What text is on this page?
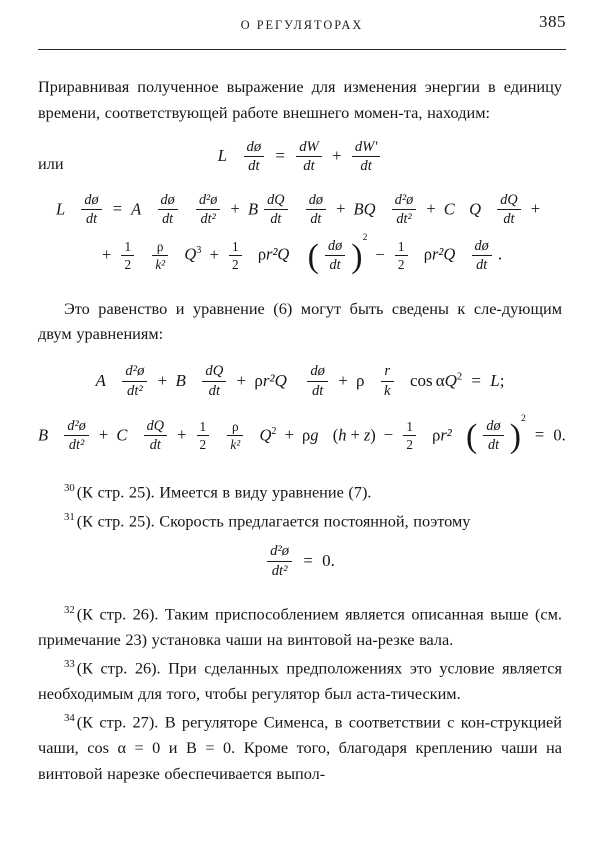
О РЕГУЛЯТОРАХ	385

Приравнивая полученное выражение для изменения энергии в единицу времени, соответствующей работе внешнего момен-та, находим:

или	L $\frac{dø}{dt} = \frac{dW}{dt} + \frac{dW'}{dt}$
L $\frac{dø}{dt} = A \frac{dø}{dt}$
$\frac{\text{d²ø}}{\text{dt²}} + B \frac{dQ}{dt}$
$\frac{dø}{dt}$ + BQ $\frac{\text{d²ø}}{\text{dt²}} + C$ Q $\frac{dQ}{dt}$ +
+ $\frac{1}{2}$
$\frac{\rho}{\text{k²}} Q^3 + \frac{1}{2} \rho r^2Q$ ( $\frac{dø}{dt} )^2 - \frac{1}{2} \rho r^2Q \frac{dø}{dt}$ .

Это равенство и уравнение (6) могут быть сведены к сле-дующим двум уравнениям:

A $\frac{\text{d²ø}}{\text{dt²}} + B \frac{dQ}{dt} + \rho r^2Q \frac{dø}{dt} + \rho \frac{r}{k}$ $\cos \alpha Q^2 = L$;
B $\frac{\text{d²ø}}{\text{dt²}} + C \frac{dQ}{dt} + \frac{1}{2}$
$\frac{\rho}{\text{k²}} Q^2 + \rho g$ $(h + z) - \frac{1}{2} \rho r^2$ ( $\frac{dø}{dt} )^2 = 0$.

$^{30}$ (К стр. 25). Имеется в виду уравнение (7).

$^{31}$ (К стр. 25). Скорость предлагается постоянной, поэтому

$\frac{\text{d²ø}}{\text{dt²}} = 0$.

$^{32}$ (К стр. 26). Таким приспособлением является описанная выше (см. примечание 23) установка чаши на винтовой на-резке вала.

$^{33}$ (К стр. 26). При сделанных предположениях это условие является необходимым для того, чтобы регулятор был аста-тическим.

$^{34}$ (К стр. 27). В регуляторе Сименса, в соответствии с кон-струкцией чаши, cos α = 0 и B = 0. Кроме того, благодаря креплению чаши на винтовой нарезке обеспечивается выпол-
